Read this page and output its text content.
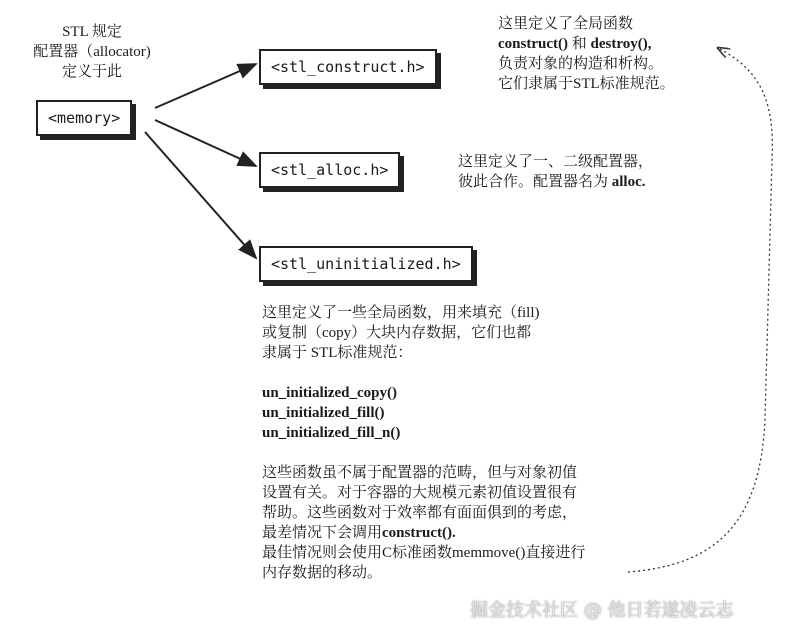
STL 规定
配置器（allocator)
定义于此
<memory>
<stl_construct.h>
<stl_alloc.h>
<stl_uninitialized.h>
这里定义了全局函数
construct() 和 destroy(),
负责对象的构造和析构。
它们隶属于STL标准规范。
这里定义了一、二级配置器，
彼此合作。配置器名为 alloc.
这里定义了一些全局函数，用来填充（fill)
或复制（copy）大块内存数据，它们也都
隶属于 STL标准规范：
un_initialized_copy()
un_initialized_fill()
un_initialized_fill_n()
这些函数虽不属于配置器的范畴，但与对象初值
设置有关。对于容器的大规模元素初值设置很有
帮助。这些函数对于效率都有面面俱到的考虑，
最差情况下会调用construct().
最佳情况则会使用C标准函数memmove()直接进行
内存数据的移动。
掘金技术社区 @ 他日若遂凌云志
